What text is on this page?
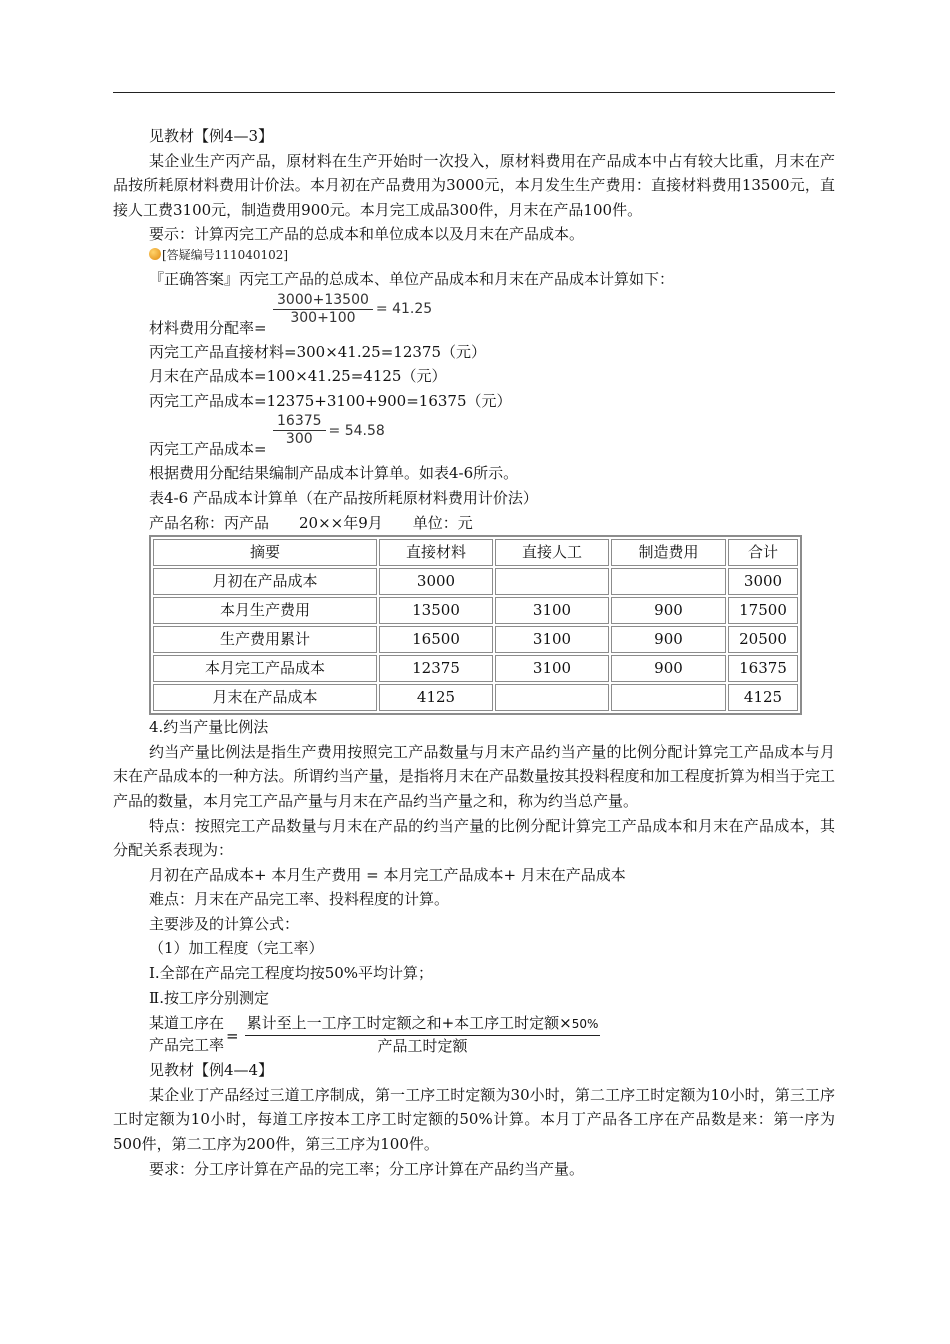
见教材【例4—3】

某企业生产丙产品，原材料在生产开始时一次投入，原材料费用在产品成本中占有较大比重，月末在产品按所耗原材料费用计价法。本月初在产品费用为3000元，本月发生生产费用：直接材料费用13500元，直接人工费3100元，制造费用900元。本月完工成品300件，月末在产品100件。

要示：计算丙完工产品的总成本和单位成本以及月末在产品成本。

[答疑编号111040102]

『正确答案』丙完工产品的总成本、单位产品成本和月末在产品成本计算如下：

材料费用分配率=
$\frac{3000+13500}{300+100} = 41.25$

丙完工产品直接材料=300×41.25=12375（元）

月末在产品成本=100×41.25=4125（元）

丙完工产品成本=12375+3100+900=16375（元）

丙完工产品成本=
$\frac{16375}{300} = 54.58$

根据费用分配结果编制产品成本计算单。如表4-6所示。

表4-6 产品成本计算单（在产品按所耗原材料费用计价法）

产品名称：丙产品　　20××年9月　　单位：元

摘要	直接材料	直接人工	制造费用	合计
月初在产品成本	3000			3000
本月生产费用	13500	3100	900	17500
生产费用累计	16500	3100	900	20500
本月完工产品成本	12375	3100	900	16375
月末在产品成本	4125			4125

4.约当产量比例法

约当产量比例法是指生产费用按照完工产品数量与月末产品约当产量的比例分配计算完工产品成本与月末在产品成本的一种方法。所谓约当产量，是指将月末在产品数量按其投料程度和加工程度折算为相当于完工产品的数量，本月完工产品产量与月末在产品约当产量之和，称为约当总产量。

特点：按照完工产品数量与月末在产品的约当产量的比例分配计算完工产品成本和月末在产品成本，其分配关系表现为：

月初在产品成本+ 本月生产费用 = 本月完工产品成本+ 月末在产品成本

难点：月末在产品完工率、投料程度的计算。

主要涉及的计算公式：

（1）加工程度（完工率）

Ⅰ.全部在产品完工程度均按50%平均计算；

Ⅱ.按工序分别测定

某道工序在
产品完工率
=
累计至上一工序工时定额之和+本工序工时定额×50%
产品工时定额

见教材【例4—4】

某企业丁产品经过三道工序制成，第一工序工时定额为30小时，第二工序工时定额为10小时，第三工序工时定额为10小时，每道工序按本工序工时定额的50%计算。本月丁产品各工序在产品数是来：第一序为500件，第二工序为200件，第三工序为100件。

要求：分工序计算在产品的完工率；分工序计算在产品约当产量。
